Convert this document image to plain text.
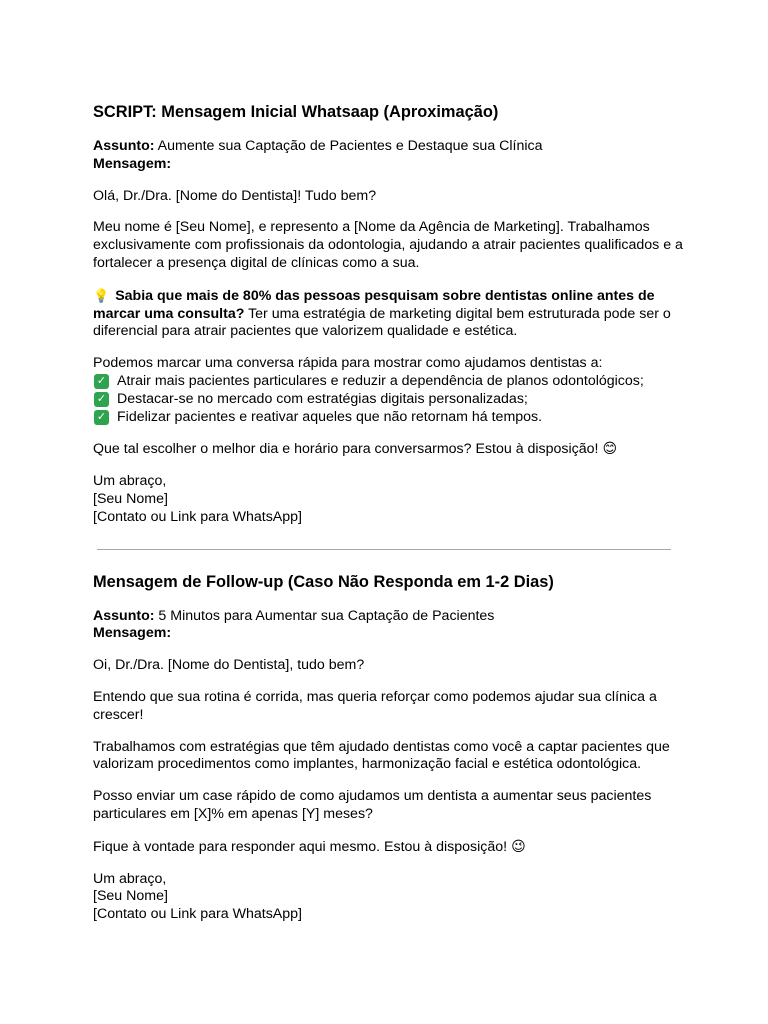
SCRIPT: Mensagem Inicial Whatsaap (Aproximação)
Assunto: Aumente sua Captação de Pacientes e Destaque sua Clínica
Mensagem:

Olá, Dr./Dra. [Nome do Dentista]! Tudo bem?

Meu nome é [Seu Nome], e represento a [Nome da Agência de Marketing]. Trabalhamos exclusivamente com profissionais da odontologia, ajudando a atrair pacientes qualificados e a fortalecer a presença digital de clínicas como a sua.

💡 Sabia que mais de 80% das pessoas pesquisam sobre dentistas online antes de marcar uma consulta? Ter uma estratégia de marketing digital bem estruturada pode ser o diferencial para atrair pacientes que valorizem qualidade e estética.

Podemos marcar uma conversa rápida para mostrar como ajudamos dentistas a:
✓ Atrair mais pacientes particulares e reduzir a dependência de planos odontológicos;
✓ Destacar-se no mercado com estratégias digitais personalizadas;
✓ Fidelizar pacientes e reativar aqueles que não retornam há tempos.

Que tal escolher o melhor dia e horário para conversarmos? Estou à disposição! 😊

Um abraço,
[Seu Nome]
[Contato ou Link para WhatsApp]
Mensagem de Follow-up (Caso Não Responda em 1-2 Dias)
Assunto: 5 Minutos para Aumentar sua Captação de Pacientes
Mensagem:

Oi, Dr./Dra. [Nome do Dentista], tudo bem?

Entendo que sua rotina é corrida, mas queria reforçar como podemos ajudar sua clínica a crescer!

Trabalhamos com estratégias que têm ajudado dentistas como você a captar pacientes que valorizam procedimentos como implantes, harmonização facial e estética odontológica.

Posso enviar um case rápido de como ajudamos um dentista a aumentar seus pacientes particulares em [X]% em apenas [Y] meses?

Fique à vontade para responder aqui mesmo. Estou à disposição! 😉

Um abraço,
[Seu Nome]
[Contato ou Link para WhatsApp]
